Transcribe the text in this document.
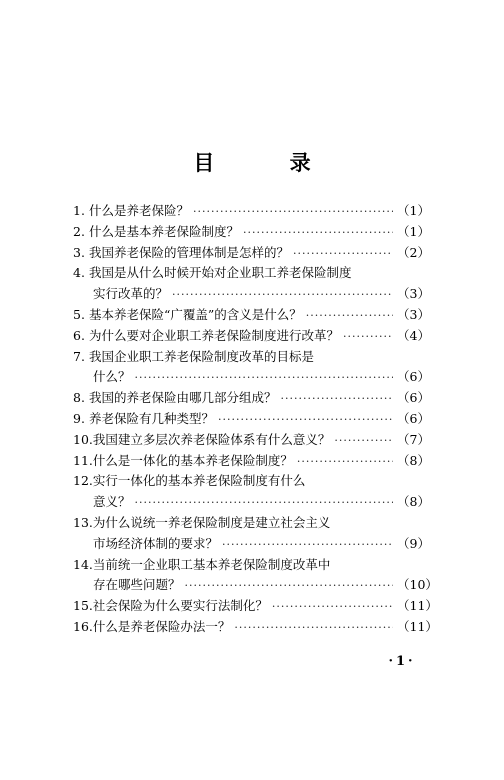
目 录
1. 什么是养老保险？ ·····	（1）
2. 什么是基本养老保险制度？ ·····	（1）
3. 我国养老保险的管理体制是怎样的？ ·····	（2）
4. 我国是从什么时候开始对企业职工养老保险制度
实行改革的？ ·····	（3）
5. 基本养老保险“广覆盖”的含义是什么？ ·····	（3）
6. 为什么要对企业职工养老保险制度进行改革？ ·····	（4）
7. 我国企业职工养老保险制度改革的目标是
什么？ ·····	（6）
8. 我国的养老保险由哪几部分组成？ ·····	（6）
9. 养老保险有几种类型？ ·····	（6）
10. 我国建立多层次养老保险体系有什么意义？ ·····	（7）
11. 什么是一体化的基本养老保险制度？ ·····	（8）
12. 实行一体化的基本养老保险制度有什么
意义？ ·····	（8）
13. 为什么说统一养老保险制度是建立社会主义
市场经济体制的要求？ ·····	（9）
14. 当前统一企业职工基本养老保险制度改革中
存在哪些问题？ ·····	（10）
15. 社会保险为什么要实行法制化？ ·····	（11）
16. 什么是养老保险办法一？ ·····	（11）
·1·
